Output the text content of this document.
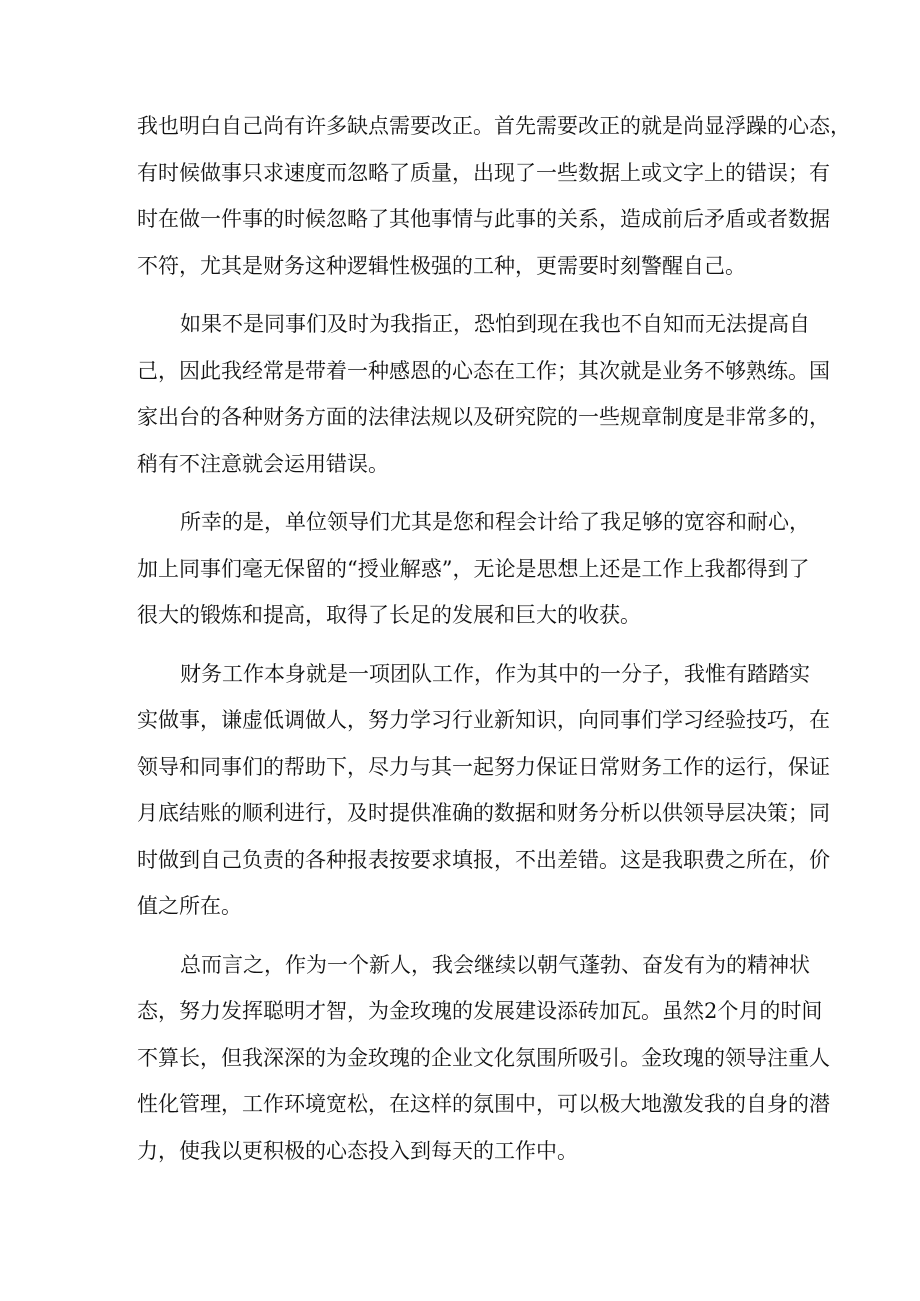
我也明白自己尚有许多缺点需要改正。首先需要改正的就是尚显浮躁的心态，
有时候做事只求速度而忽略了质量，出现了一些数据上或文字上的错误；有
时在做一件事的时候忽略了其他事情与此事的关系，造成前后矛盾或者数据
不符，尤其是财务这种逻辑性极强的工种，更需要时刻警醒自己。
如果不是同事们及时为我指正，恐怕到现在我也不自知而无法提高自
己，因此我经常是带着一种感恩的心态在工作；其次就是业务不够熟练。国
家出台的各种财务方面的法律法规以及研究院的一些规章制度是非常多的，
稍有不注意就会运用错误。
所幸的是，单位领导们尤其是您和程会计给了我足够的宽容和耐心，
加上同事们毫无保留的“授业解惑”，无论是思想上还是工作上我都得到了
很大的锻炼和提高，取得了长足的发展和巨大的收获。
财务工作本身就是一项团队工作，作为其中的一分子，我惟有踏踏实
实做事，谦虚低调做人，努力学习行业新知识，向同事们学习经验技巧，在
领导和同事们的帮助下，尽力与其一起努力保证日常财务工作的运行，保证
月底结账的顺利进行，及时提供准确的数据和财务分析以供领导层决策；同
时做到自己负责的各种报表按要求填报，不出差错。这是我职费之所在，价
值之所在。
总而言之，作为一个新人，我会继续以朝气蓬勃、奋发有为的精神状
态，努力发挥聪明才智，为金玫瑰的发展建设添砖加瓦。虽然2个月的时间
不算长，但我深深的为金玫瑰的企业文化氛围所吸引。金玫瑰的领导注重人
性化管理，工作环境宽松，在这样的氛围中，可以极大地激发我的自身的潜
力，使我以更积极的心态投入到每天的工作中。
